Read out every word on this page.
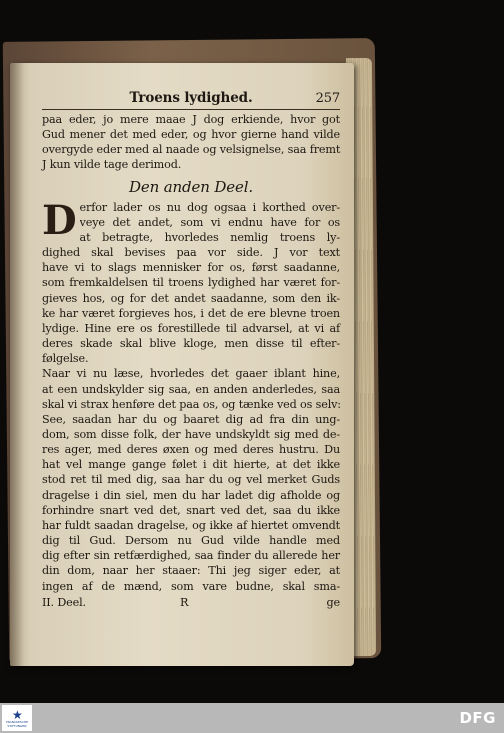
Troens lydighed.	257
paa eder, jo mere maae J dog erkiende, hvor got
Gud mener det med eder, og hvor gierne hand vilde
overgyde eder med al naade og velsignelse, saa fremt
J kun vilde tage derimod.
Den anden Deel.
D erfor lader os nu dog ogsaa i korthed over-
veye det andet, som vi endnu have for os
at betragte, hvorledes nemlig troens ly-
dighed skal bevises paa vor side. J vor text
have vi to slags mennisker for os, først saadanne,
som fremkaldelsen til troens lydighed har været for-
gieves hos, og for det andet saadanne, som den ik-
ke har været forgieves hos, i det de ere blevne troen
lydige. Hine ere os forestillede til advarsel, at vi af
deres skade skal blive kloge, men disse til efter-
følgelse.
Naar vi nu læse, hvorledes det gaaer iblant hine,
at een undskylder sig saa, en anden anderledes, saa
skal vi strax henføre det paa os, og tænke ved os selv:
See, saadan har du og baaret dig ad fra din ung-
dom, som disse folk, der have undskyldt sig med de-
res ager, med deres øxen og med deres hustru. Du
hat vel mange gange følet i dit hierte, at det ikke
stod ret til med dig, saa har du og vel merket Guds
dragelse i din siel, men du har ladet dig afholde og
forhindre snart ved det, snart ved det, saa du ikke
har fuldt saadan dragelse, og ikke af hiertet omvendt
dig til Gud. Dersom nu Gud vilde handle med
dig efter sin retfærdighed, saa finder du allerede her
din dom, naar her staaer: Thi jeg siger eder, at
ingen af de mænd, som vare budne, skal sma-
II. Deel.	R	ge
★
FRANCKESCHE STIFTUNGEN	DFG
